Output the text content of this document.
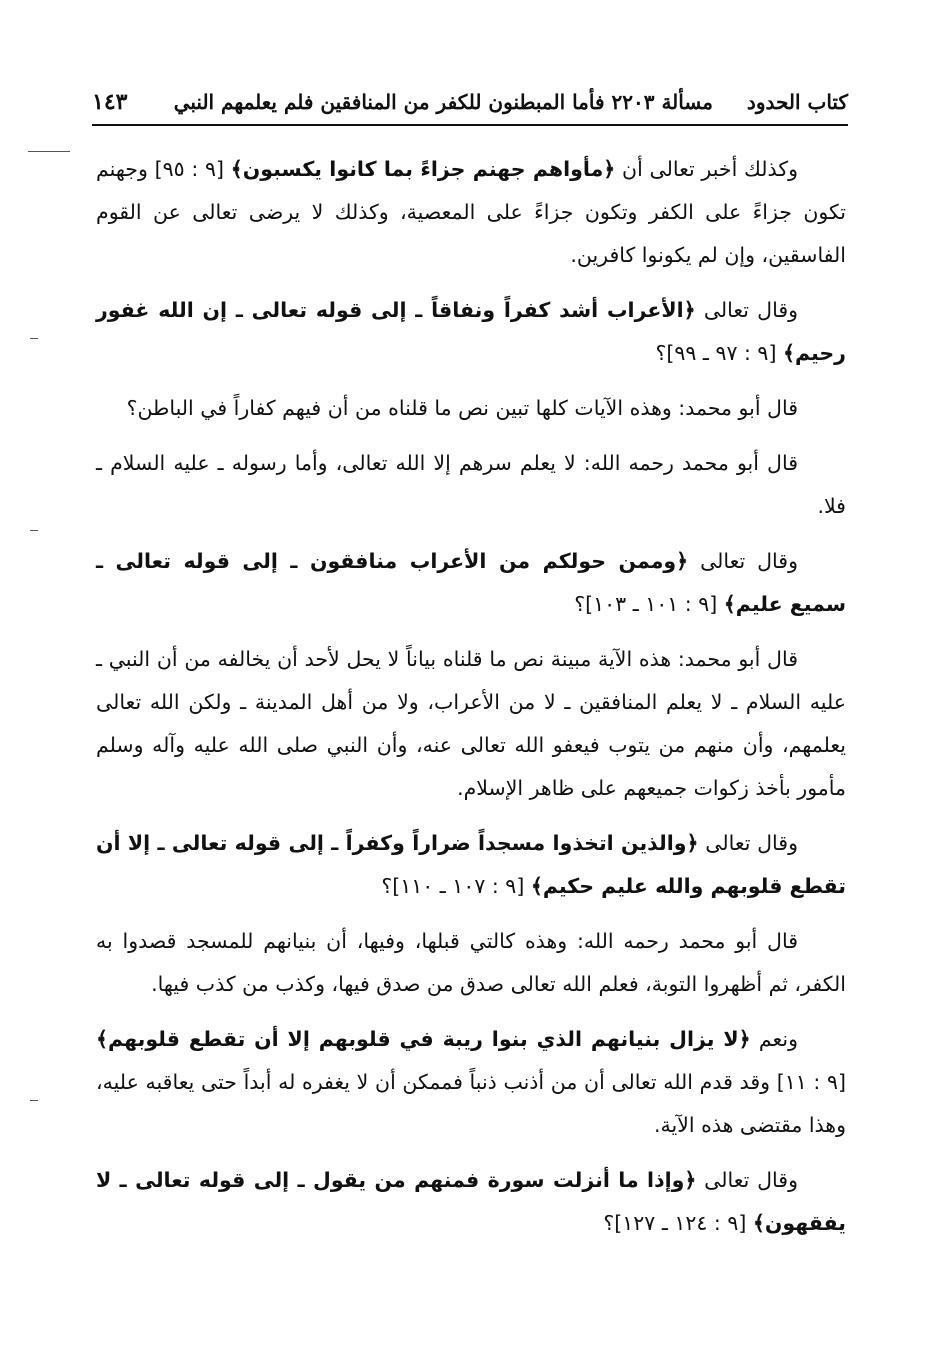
كتاب الحدود
مسألة ٢٢٠٣ فأما المبطنون للكفر من المنافقين فلم يعلمهم النبي
١٤٣

وكذلك أخبر تعالى أن ﴿مأواهم جهنم جزاءً بما كانوا يكسبون﴾ [٩ : ٩٥] وجهنم تكون جزاءً على الكفر وتكون جزاءً على المعصية، وكذلك لا يرضى تعالى عن القوم الفاسقين، وإن لم يكونوا كافرين.

وقال تعالى ﴿الأعراب أشد كفراً ونفاقاً ـ إلى قوله تعالى ـ إن الله غفور رحيم﴾ [٩ : ٩٧ ـ ٩٩]؟

قال أبو محمد: وهذه الآيات كلها تبين نص ما قلناه من أن فيهم كفاراً في الباطن؟

قال أبو محمد رحمه الله: لا يعلم سرهم إلا الله تعالى، وأما رسوله ـ عليه السلام ـ فلا.

وقال تعالى ﴿وممن حولكم من الأعراب منافقون ـ إلى قوله تعالى ـ سميع عليم﴾ [٩ : ١٠١ ـ ١٠٣]؟

قال أبو محمد: هذه الآية مبينة نص ما قلناه بياناً لا يحل لأحد أن يخالفه من أن النبي ـ عليه السلام ـ لا يعلم المنافقين ـ لا من الأعراب، ولا من أهل المدينة ـ ولكن الله تعالى يعلمهم، وأن منهم من يتوب فيعفو الله تعالى عنه، وأن النبي صلى الله عليه وآله وسلم مأمور بأخذ زكوات جميعهم على ظاهر الإسلام.

وقال تعالى ﴿والذين اتخذوا مسجداً ضراراً وكفراً ـ إلى قوله تعالى ـ إلا أن تقطع قلوبهم والله عليم حكيم﴾ [٩ : ١٠٧ ـ ١١٠]؟

قال أبو محمد رحمه الله: وهذه كالتي قبلها، وفيها، أن بنيانهم للمسجد قصدوا به الكفر، ثم أظهروا التوبة، فعلم الله تعالى صدق من صدق فيها، وكذب من كذب فيها.

ونعم ﴿لا يزال بنيانهم الذي بنوا ريبة في قلوبهم إلا أن تقطع قلوبهم﴾ [٩ : ١١] وقد قدم الله تعالى أن من أذنب ذنباً فممكن أن لا يغفره له أبداً حتى يعاقبه عليه، وهذا مقتضى هذه الآية.

وقال تعالى ﴿وإذا ما أنزلت سورة فمنهم من يقول ـ إلى قوله تعالى ـ لا يفقهون﴾ [٩ : ١٢٤ ـ ١٢٧]؟
